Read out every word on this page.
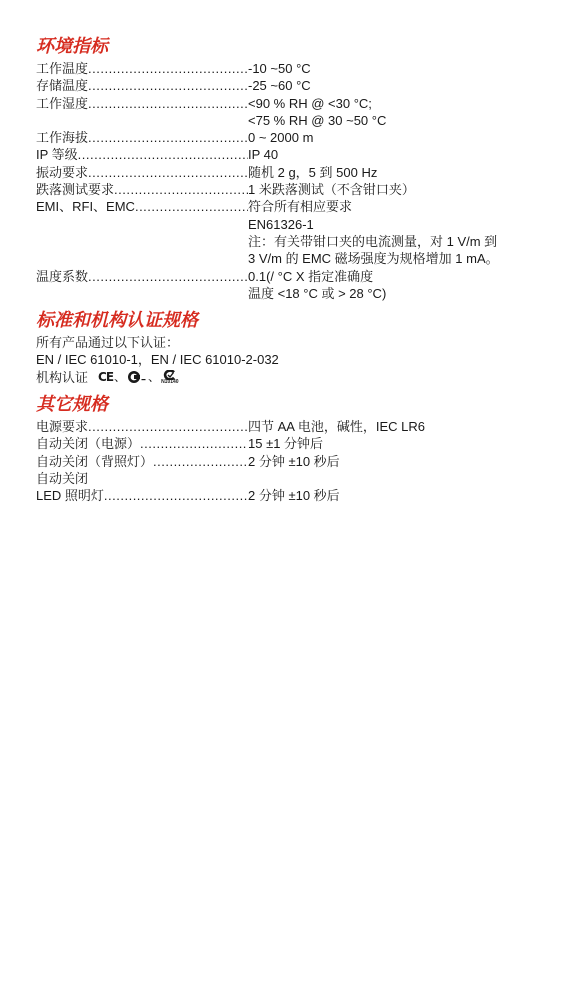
环境指标
工作温度 .....	-10 ~50 °C
存储温度 .....	-25 ~60 °C
工作湿度 .....	<90 % RH @ <30 °C;
<75 % RH @ 30 ~50 °C
工作海拔 .....	0 ~ 2000 m
IP 等级 .....	IP 40
振动要求 .....	随机 2 g，5 到 500 Hz
跌落测试要求 .....	1 米跌落测试（不含钳口夹）
EMI、RFI、EMC .....	符合所有相应要求
EN61326-1
注：有关带钳口夹的电流测量，对 1 V/m 到
3 V/m 的 EMC 磁场强度为规格增加 1 mA。
温度系数 .....	0.1(/ °C X 指定准确度
温度 <18 °C 或 > 28 °C)
标准和机构认证规格
所有产品通过以下认证：
EN / IEC 61010-1，EN / IEC 61010-2-032
机构认证 CE 、 、 N10140
其它规格
电源要求 .....	四节 AA 电池，碱性，IEC LR6
自动关闭（电源） .....	15 ±1 分钟后
自动关闭（背照灯） .....	2 分钟 ±10 秒后
自动关闭
LED 照明灯 .....	2 分钟 ±10 秒后
